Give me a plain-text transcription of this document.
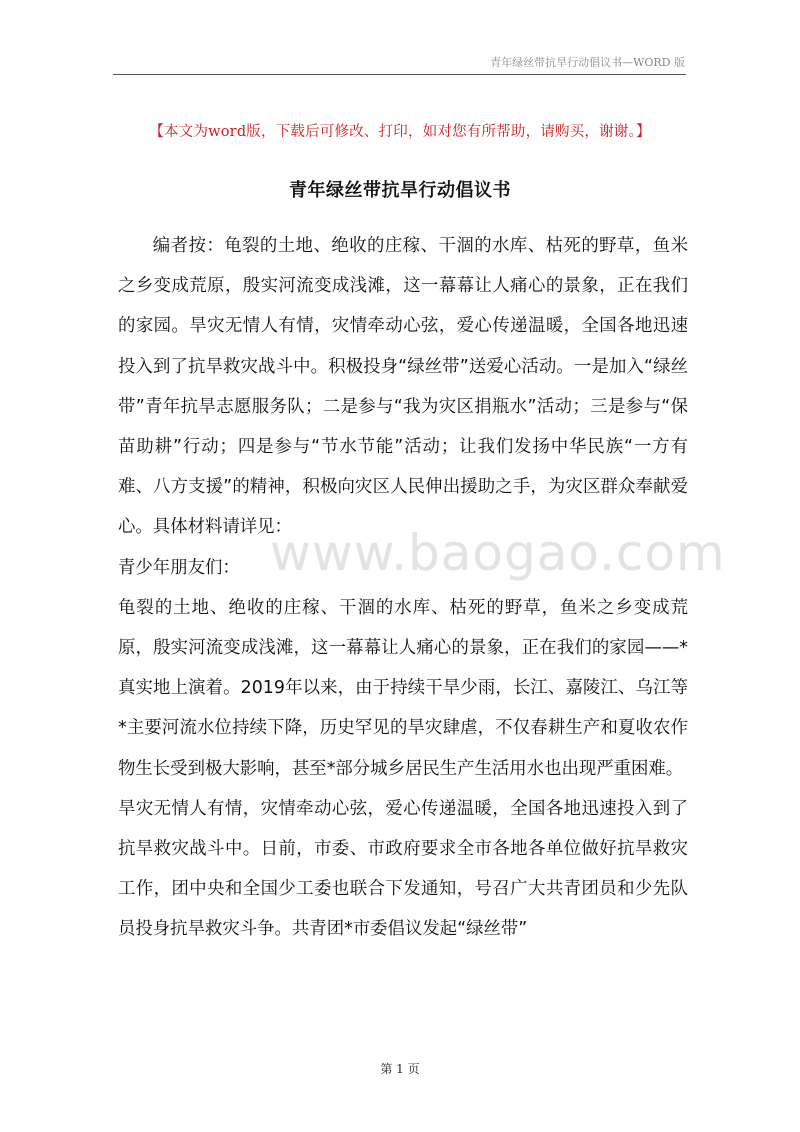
青年绿丝带抗旱行动倡议书—WORD 版
【本文为word版，下载后可修改、打印，如对您有所帮助，请购买，谢谢。】
青年绿丝带抗旱行动倡议书
www.baogao.com

编者按：龟裂的土地、绝收的庄稼、干涸的水库、枯死的野草，鱼米之乡变成荒原，殷实河流变成浅滩，这一幕幕让人痛心的景象，正在我们的家园。旱灾无情人有情，灾情牵动心弦，爱心传递温暖，全国各地迅速投入到了抗旱救灾战斗中。积极投身“绿丝带”送爱心活动。一是加入“绿丝带”青年抗旱志愿服务队；二是参与“我为灾区捐瓶水”活动；三是参与“保苗助耕”行动；四是参与“节水节能”活动；让我们发扬中华民族“一方有难、八方支援”的精神，积极向灾区人民伸出援助之手，为灾区群众奉献爱心。具体材料请详见：

青少年朋友们：

龟裂的土地、绝收的庄稼、干涸的水库、枯死的野草，鱼米之乡变成荒原，殷实河流变成浅滩，这一幕幕让人痛心的景象，正在我们的家园——*真实地上演着。2019年以来，由于持续干旱少雨，长江、嘉陵江、乌江等*主要河流水位持续下降，历史罕见的旱灾肆虐，不仅春耕生产和夏收农作物生长受到极大影响，甚至*部分城乡居民生产生活用水也出现严重困难。

旱灾无情人有情，灾情牵动心弦，爱心传递温暖，全国各地迅速投入到了抗旱救灾战斗中。日前，市委、市政府要求全市各地各单位做好抗旱救灾工作，团中央和全国少工委也联合下发通知，号召广大共青团员和少先队员投身抗旱救灾斗争。共青团*市委倡议发起“绿丝带”

第 1 页
